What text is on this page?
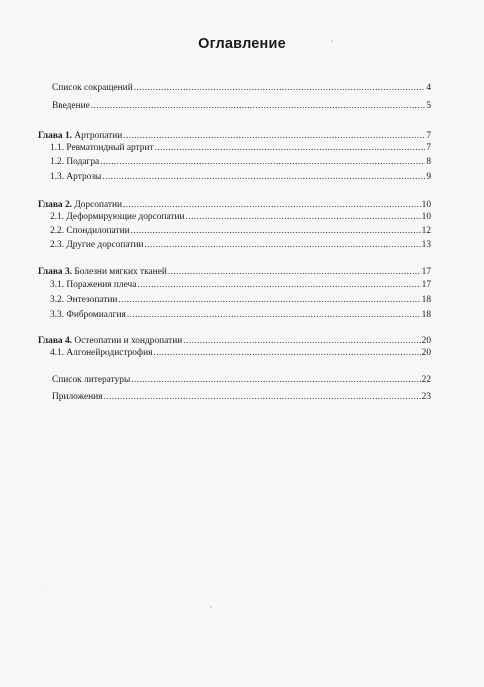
Оглавление
Список сокращений .....	4
Введение .....	5
Глава 1. Артропатии .....	7
1.1. Ревматоидный артрит .....	7
1.2. Подагра .....	8
1.3. Артрозы .....	9
Глава 2. Дорсопатии .....	10
2.1. Деформирующие дорсопатии .....	10
2.2. Спондилопатии .....	12
2.3. Другие дорсопатии .....	13
Глава 3. Болезни мягких тканей .....	17
3.1. Поражения плеча .....	17
3.2. Энтезопатии .....	18
3.3. Фибромиалгия .....	18
Глава 4. Остеопатии и хондропатии .....	20
4.1. Алгонейродистрофия .....	20
Список литературы .....	22
Приложения .....	23
